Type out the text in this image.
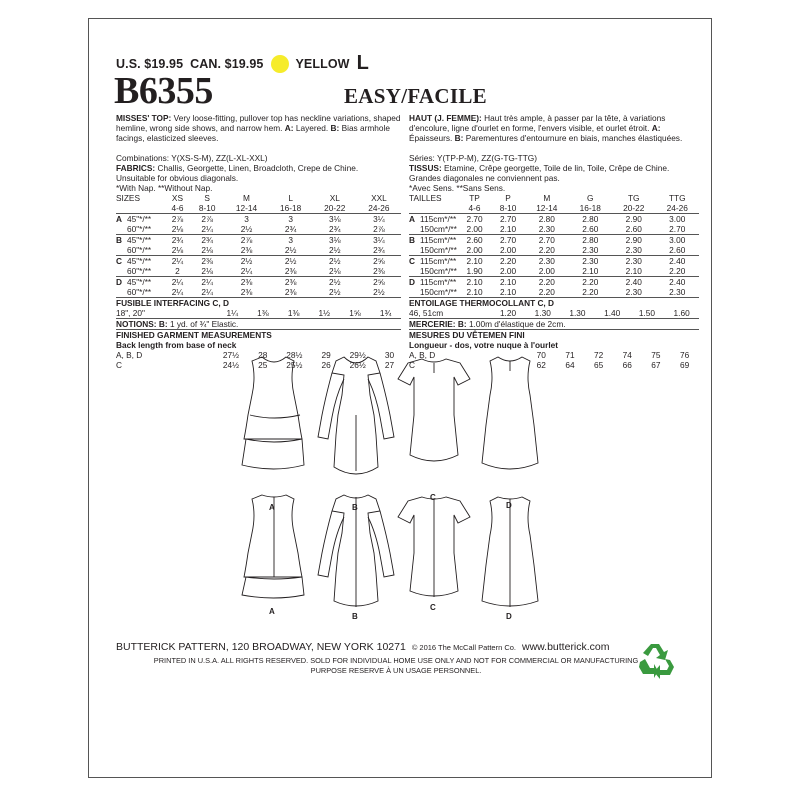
U.S. $19.95 CAN. $19.95	YELLOW L
B6355	EASY/FACILE

MISSES' TOP: Very loose-fitting, pullover top has neckline variations, shaped hemline, wrong side shows, and narrow hem. A: Layered. B: Bias armhole facings, elasticized sleeves.

Combinations: Y(XS-S-M), ZZ(L-XL-XXL)

FABRICS: Challis, Georgette, Linen, Broadcloth, Crepe de Chine.

Unsuitable for obvious diagonals.

*With Nap. **Without Nap.

SIZES		XS	S	M	L	XL	XXL
		4-6	8-10	12-14	16-18	20-22	24-26
A	45"*/**	2⅞	2⅞	3	3	3⅛	3¼
	60"*/**	2⅛	2¼	2½	2¾	2¾	2⅞
B	45"*/**	2¾	2¾	2⅞	3	3⅛	3¼
	60"*/**	2⅛	2⅛	2⅜	2½	2½	2¾
C	45"*/**	2¼	2⅜	2½	2½	2½	2⅝
	60"*/**	2	2⅛	2¼	2⅜	2⅛	2⅜
D	45"*/**	2¼	2¼	2⅜	2⅜	2½	2⅝
	60"*/**	2¼	2¼	2⅜	2⅜	2½	2½

FUSIBLE INTERFACING C, D

18", 20"	1¼	1⅜	1⅜	1½	1⅝	1¾

NOTIONS: B: 1 yd. of ¾" Elastic.

FINISHED GARMENT MEASUREMENTS

Back length from base of neck

A, B, D	27½	28	28½	29	29½	30
C	24½	25	25½	26	26½	27

HAUT (J. FEMME): Haut très ample, à passer par la tête, à variations d'encolure, ligne d'ourlet en forme, l'envers visible, et ourlet étroit. A: Épaisseurs. B: Parementures d'entournure en biais, manches élastiquées.

Séries: Y(TP-P-M), ZZ(G-TG-TTG)

TISSUS: Etamine, Crêpe georgette, Toile de lin, Toile, Crêpe de Chine.

Grandes diagonales ne conviennent pas.

*Avec Sens. **Sans Sens.

TAILLES		TP	P	M	G	TG	TTG
		4-6	8-10	12-14	16-18	20-22	24-26
A	115cm*/**	2.70	2.70	2.80	2.80	2.90	3.00
	150cm*/**	2.00	2.10	2.30	2.60	2.60	2.70
B	115cm*/**	2.60	2.70	2.70	2.80	2.90	3.00
	150cm*/**	2.00	2.00	2.20	2.30	2.30	2.60
C	115cm*/**	2.10	2.20	2.30	2.30	2.30	2.40
	150cm*/**	1.90	2.00	2.00	2.10	2.10	2.20
D	115cm*/**	2.10	2.10	2.20	2.20	2.40	2.40
	150cm*/**	2.10	2.10	2.20	2.20	2.30	2.30

ENTOILAGE THERMOCOLLANT C, D

46, 51cm	1.20	1.30	1.30	1.40	1.50	1.60

MERCERIE: B: 1.00m d'élastique de 2cm.

MESURES DU VÊTEMEN FINI

Longueur - dos, votre nuque à l'ourlet

A, B, D	70	71	72	74	75	76
C	62	64	65	66	67	69
A	B
C
D
A
B
C
D
BUTTERICK PATTERN, 120 BROADWAY, NEW YORK 10271 © 2016 The McCall Pattern Co. www.butterick.com
PRINTED IN U.S.A. ALL RIGHTS RESERVED. SOLD FOR INDIVIDUAL HOME USE ONLY AND NOT FOR COMMERCIAL OR MANUFACTURING
PURPOSE RESERVE À UN USAGE PERSONNEL.
